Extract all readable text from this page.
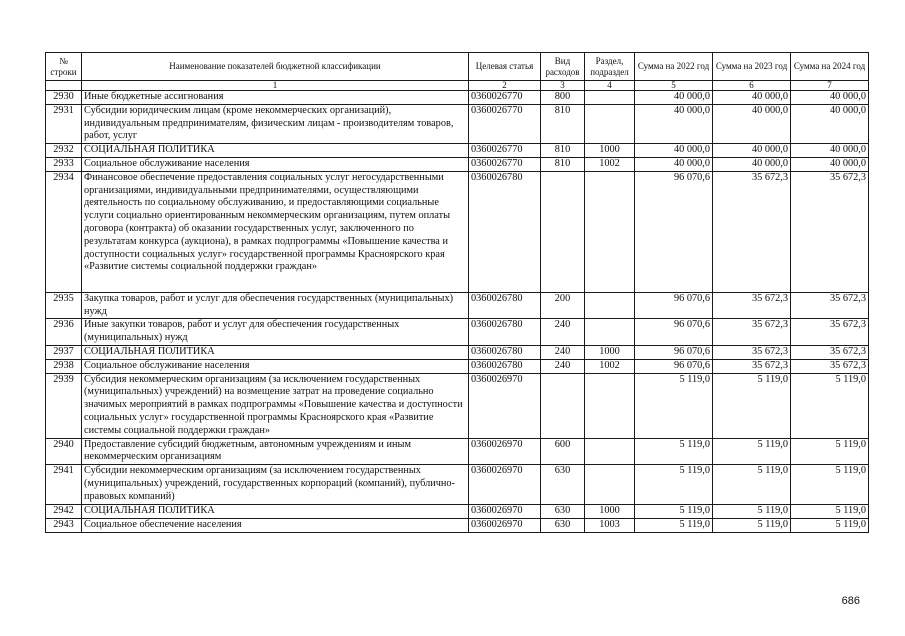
№ строки	Наименование показателей бюджетной классификации	Целевая статья	Вид расходов	Раздел, подраздел	Сумма на 2022 год	Сумма на 2023 год	Сумма на 2024 год
	1	2	3	4	5	6	7
2930	Иные бюджетные ассигнования	0360026770	800		40 000,0	40 000,0	40 000,0
2931	Субсидии юридическим лицам (кроме некоммерческих организаций), индивидуальным предпринимателям, физическим лицам - производителям товаров, работ, услуг	0360026770	810		40 000,0	40 000,0	40 000,0
2932	СОЦИАЛЬНАЯ ПОЛИТИКА	0360026770	810	1000	40 000,0	40 000,0	40 000,0
2933	Социальное обслуживание населения	0360026770	810	1002	40 000,0	40 000,0	40 000,0
2934	Финансовое обеспечение предоставления социальных услуг негосударственными организациями, индивидуальными предпринимателями, осуществляющими деятельность по социальному обслуживанию, и предоставляющими социальные услуги социально ориентированным некоммерческим организациям, путем оплаты договора (контракта) об оказании государственных услуг, заключенного по результатам конкурса (аукциона), в рамках подпрограммы «Повышение качества и доступности социальных услуг» государственной программы Красноярского края «Развитие системы социальной поддержки граждан»	0360026780			96 070,6	35 672,3	35 672,3
2935	Закупка товаров, работ и услуг для обеспечения государственных (муниципальных) нужд	0360026780	200		96 070,6	35 672,3	35 672,3
2936	Иные закупки товаров, работ и услуг для обеспечения государственных (муниципальных) нужд	0360026780	240		96 070,6	35 672,3	35 672,3
2937	СОЦИАЛЬНАЯ ПОЛИТИКА	0360026780	240	1000	96 070,6	35 672,3	35 672,3
2938	Социальное обслуживание населения	0360026780	240	1002	96 070,6	35 672,3	35 672,3
2939	Субсидия некоммерческим организациям (за исключением государственных (муниципальных) учреждений) на возмещение затрат на проведение социально значимых мероприятий в рамках подпрограммы «Повышение качества и доступности социальных услуг» государственной программы Красноярского края «Развитие системы социальной поддержки граждан»	0360026970			5 119,0	5 119,0	5 119,0
2940	Предоставление субсидий бюджетным, автономным учреждениям и иным некоммерческим организациям	0360026970	600		5 119,0	5 119,0	5 119,0
2941	Субсидии некоммерческим организациям (за исключением государственных (муниципальных) учреждений, государственных корпораций (компаний), публично-правовых компаний)	0360026970	630		5 119,0	5 119,0	5 119,0
2942	СОЦИАЛЬНАЯ ПОЛИТИКА	0360026970	630	1000	5 119,0	5 119,0	5 119,0
2943	Социальное обеспечение населения	0360026970	630	1003	5 119,0	5 119,0	5 119,0
686
